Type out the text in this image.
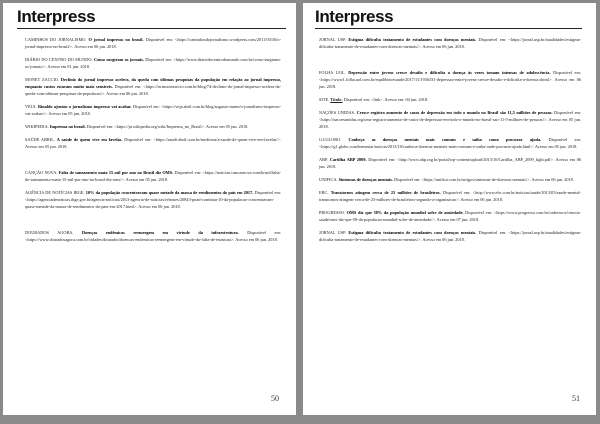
Interpress

CAMINHOS DO JORNALISMO. O jornal impresso no brasil. Disponível em: <https://caminhosdojornalismo.wordpress.com/2011/03/30/o-jornal-impresso-no-brasil/>. Acesso em 06 jun. 2018.

DIÁRIO DO CENTRO DO MUNDO. Como surgiram os jornais. Disponível em: <https://www.diariodocentrodomundo.com.br/como-surgiram-os-jornais/>. Acesso em 01 jun. 2018.

MONET ZACCIO. Declínio do jornal impresso acelera, da queda com últimas pesquisas da população em relação ao jornal impresso, enquanto custos estavam muito mais sensíveis. Disponível em: <https://m.monetzaccio.com.br/blog/74-declinio-do-jornal-impresso-acelera-da-queda-com-ultimas-pesquisas-da-populacao/>. Acesso em 06 jun. 2018.

VEJA. Rinaldo ajustou o jornalismo impresso vai acabar. Disponível em: <https://veja.abril.com.br/blog/augusto-nunes/o-jornalismo-impresso-vai-acabar/>. Acesso em 05 jun. 2018.

WIKIPEDIA. Imprensa no brasil. Disponível em: <https://pt.wikipedia.org/wiki/Imprensa_no_Brasil>. Acesso em 05 jun. 2018.

SAÚDE ABRIL. A saúde de quem vive em favelas. Disponível em: <https://saude.abril.com.br/medicina/a-saude-de-quem-vive-em-favelas/>. Acesso em 05 jun. 2018.

CANÇÃO NOVA. Falta de saneamento mata 15 mil por ano no Brasil diz OMS. Disponível em: <https://noticias.cancaonova.com/brasil/falta-de-saneamento-mata-15-mil-por-ano-no-brasil-diz-oms/>. Acesso em 05 jun. 2018.

AGÊNCIA DE NOTÍCIAS IBGE. 10% da população concentravam quase metade da massa de rendimentos do país em 2017. Disponível em: <https://agenciadenoticias.ibge.gov.br/agencia-noticias/2013-agencia-de-noticias/releases/20843-pnad-continua-10-da-populacao-concentravam-quase-metade-da-massa-de-rendimentos-do-pais-em-2017.html>. Acesso em 06 jun. 2018.

DOURADOS AGORA. Doenças endêmicas reemergem em virtude da infraestrutura. Disponível em: <https://www.douradosagora.com.br/cidades/dourados/doencas-endemicas-reemergem-em-virtude-da-falta-de-estrutura>. Acesso em 06 jun. 2018.

50
Interpress

JORNAL USP. Estigma dificulta tratamento de estudantes com doenças mentais. Disponível em: <https://jornal.usp.br/atualidades/estigma-dificulta-tratamento-de-estudantes-com-doencas-mentais/>. Acesso em 06 jun. 2018.

FOLHA UOL. Depressão entre jovens cresce desafio e dificulta a doença às vezes tomam intensas de adolescência. Disponível em: <https://www1.folha.uol.com.br/equilibrioesaude/2017/11/1936331-depressao-entre-jovens-cresce-desafio-e-dificulta-a-doenca.shtml>. Acesso em 06 jun. 2018.

SITE. Título. Disponível em: <link>. Acesso em: 04 jun. 2018.

NAÇÕES UNIDAS. Cresce registro aumento de casos de depressão em todo o mundo no Brasil são 11,5 milhões de pessoas. Disponível em: <https://nacoesunidas.org/oms-registra-aumento-de-casos-de-depressao-em-todo-o-mundo-no-brasil-sao-11-5-milhoes-de-pessoas/>. Acesso em 05 jun. 2018.

G1/GLOBO. Conheça as doenças mentais mais comuns e saiba como procurar ajuda. Disponível em: <https://g1.globo.com/bemestar/noticia/2013/10/conheca-doencas-mentais-mais-comuns-e-saiba-onde-procurar-ajuda.html>. Acesso em 05 jun. 2018.

ABP. Cartilha ABP 2009. Disponível em: <http://www.abp.org.br/portal/wp-content/upload/2013/10/Cartilha_ABP_2009_light.pdf>. Acesso em 06 jun. 2018.

UNIFICA. Sintomas de doenças mentais. Disponível em: <https://unifica.com.br/artigos/sintomas-de-doencas-mentais/>. Acesso em 06 jun. 2018.

EBC. Transtornos atingem cerca de 23 milhões de brasileiros. Disponível em: <http://www.ebc.com.br/noticias/saude/2013/05/saude-mental-transtornos-atingem-cerca-de-23-milhoes-de-brasileiros-segundo-a-organizacao>. Acesso em 06 jun. 2018.

PROGRESSO. OMS diz que 58% da população mundial sofre de ansiedade. Disponível em: <https://www.progresso.com.br/caderno-a/ciencia-saude/oms-diz-que-58-da-populacao-mundial-sofre-de-ansiedade/>. Acesso em 07 jun. 2018.

JORNAL USP. Estigma dificulta tratamento de estudantes com doenças mentais. Disponível em: <https://jornal.usp.br/atualidades/estigma-dificulta-tratamento-de-estudantes-com-doencas-mentais/>. Acesso em 06 jun. 2018.

51
